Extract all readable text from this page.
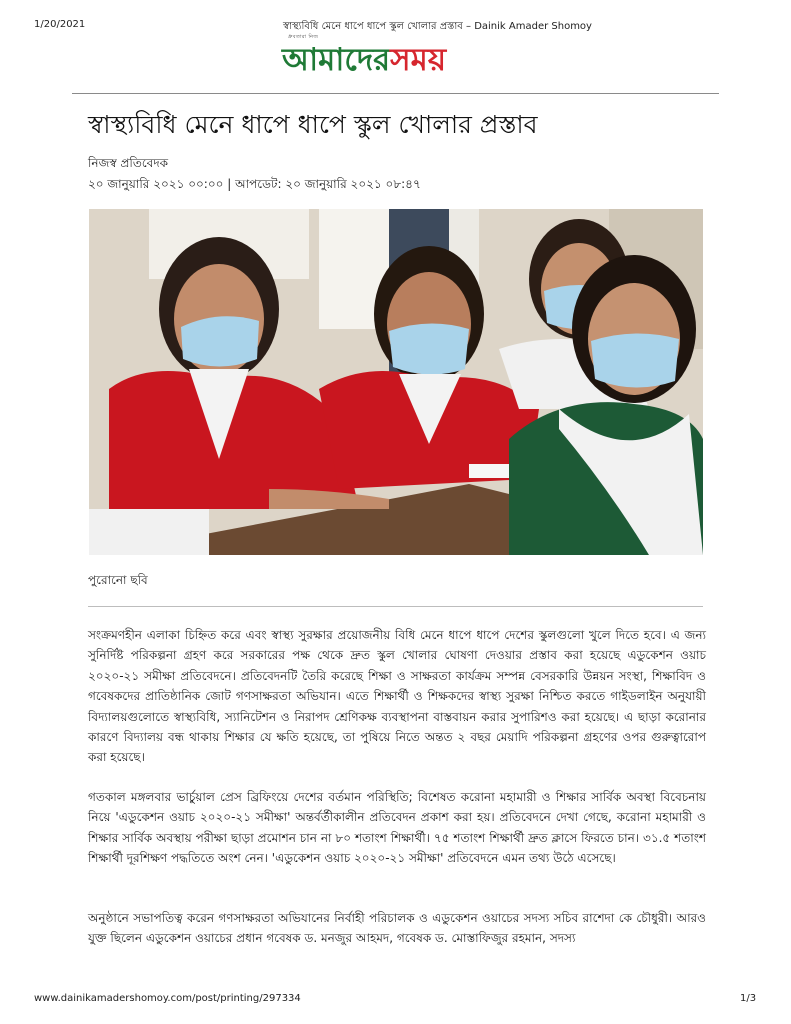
1/20/2021	স্বাস্থ্যবিধি মেনে ধাপে ধাপে স্কুল খোলার প্রস্তাব – Dainik Amader Shomoy
ধ্রুবতারা নিজ
আমাদেরসময়
স্বাস্থ্যবিধি মেনে ধাপে ধাপে স্কুল খোলার প্রস্তাব
নিজস্ব প্রতিবেদক
২০ জানুয়ারি ২০২১ ০০:০০ | আপডেট: ২০ জানুয়ারি ২০২১ ০৮:৪৭
পুরোনো ছবি

সংক্রমণহীন এলাকা চিহ্নিত করে এবং স্বাস্থ্য সুরক্ষার প্রয়োজনীয় বিধি মেনে ধাপে ধাপে দেশের স্কুলগুলো খুলে দিতে হবে। এ জন্য সুনির্দিষ্ট পরিকল্পনা গ্রহণ করে সরকারের পক্ষ থেকে দ্রুত স্কুল খোলার ঘোষণা দেওয়ার প্রস্তাব করা হয়েছে এডুকেশন ওয়াচ ২০২০-২১ সমীক্ষা প্রতিবেদনে। প্রতিবেদনটি তৈরি করেছে শিক্ষা ও সাক্ষরতা কার্যক্রম সম্পন্ন বেসরকারি উন্নয়ন সংস্থা, শিক্ষাবিদ ও গবেষকদের প্রাতিষ্ঠানিক জোট গণসাক্ষরতা অভিযান। এতে শিক্ষার্থী ও শিক্ষকদের স্বাস্থ্য সুরক্ষা নিশ্চিত করতে গাইডলাইন অনুযায়ী বিদ্যালয়গুলোতে স্বাস্থ্যবিধি, স্যানিটেশন ও নিরাপদ শ্রেণিকক্ষ ব্যবস্থাপনা বাস্তবায়ন করার সুপারিশও করা হয়েছে। এ ছাড়া করোনার কারণে বিদ্যালয় বন্ধ থাকায় শিক্ষার যে ক্ষতি হয়েছে, তা পুষিয়ে নিতে অন্তত ২ বছর মেয়াদি পরিকল্পনা গ্রহণের ওপর গুরুত্বারোপ করা হয়েছে।

গতকাল মঙ্গলবার ভার্চুয়াল প্রেস ব্রিফিংয়ে দেশের বর্তমান পরিস্থিতি; বিশেষত করোনা মহামারী ও শিক্ষার সার্বিক অবস্থা বিবেচনায় নিয়ে 'এডুকেশন ওয়াচ ২০২০-২১ সমীক্ষা' অন্তর্বর্তীকালীন প্রতিবেদন প্রকাশ করা হয়। প্রতিবেদনে দেখা গেছে, করোনা মহামারী ও শিক্ষার সার্বিক অবস্থায় পরীক্ষা ছাড়া প্রমোশন চান না ৮০ শতাংশ শিক্ষার্থী। ৭৫ শতাংশ শিক্ষার্থী দ্রুত ক্লাসে ফিরতে চান। ৩১.৫ শতাংশ শিক্ষার্থী দূরশিক্ষণ পদ্ধতিতে অংশ নেন। 'এডুকেশন ওয়াচ ২০২০-২১ সমীক্ষা' প্রতিবেদনে এমন তথ্য উঠে এসেছে।

অনুষ্ঠানে সভাপতিত্ব করেন গণসাক্ষরতা অভিযানের নির্বাহী পরিচালক ও এডুকেশন ওয়াচের সদস্য সচিব রাশেদা কে চৌধুরী। আরও যুক্ত ছিলেন এডুকেশন ওয়াচের প্রধান গবেষক ড. মনজুর আহমদ, গবেষক ড. মোস্তাফিজুর রহমান, সদস্য

www.dainikamadershomoy.com/post/printing/297334	1/3
